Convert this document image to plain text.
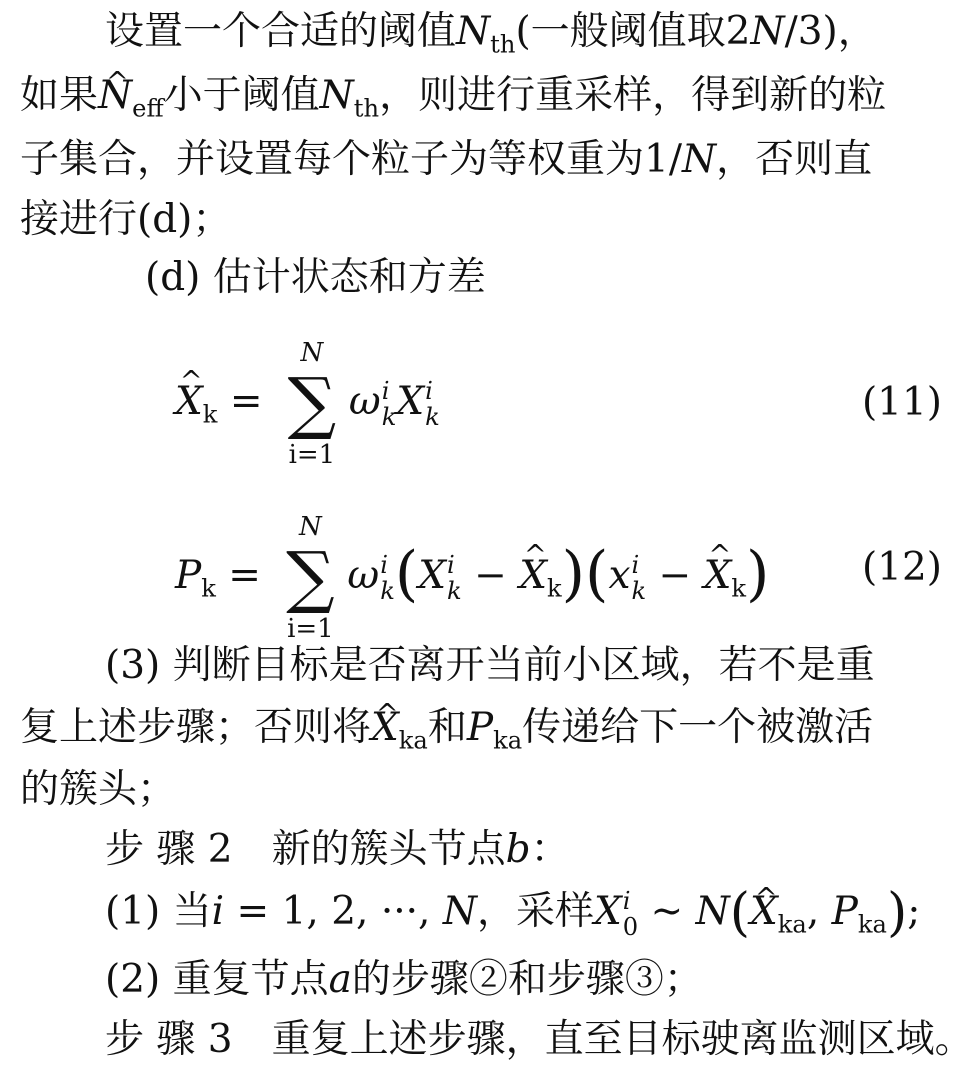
设置一个合适的阈值$N_{th}$(一般阈值取2N/3)，
如果^ $N_{eff}$小于阈值$N_{th}$，则进行重采样，得到新的粒
子集合，并设置每个粒子为等权重为1/N，否则直
接进行(d)；
(d) 估计状态和方差
^ $X_k$ =
N
∑
i=1
ω i
k X i
k	(11)
$P_k$ =
N
∑
i=1
ω i
k (X i
k − ^ $X_k)(x$ i
k − ^ $X_k$) (12)
(3) 判断目标是否离开当前小区域，若不是重
复上述步骤；否则将^ $X_{ka}$和$P_{ka}$传递给下一个被激活
的簇头；
步 骤 2　新的簇头节点b：
(1) 当i = 1, 2, ···, N，采样X i
0 ~ N(^ $X_{ka}$, $P_{ka}$);
(2) 重复节点a的步骤②和步骤③；
步 骤 3　重复上述步骤，直至目标驶离监测区域。
